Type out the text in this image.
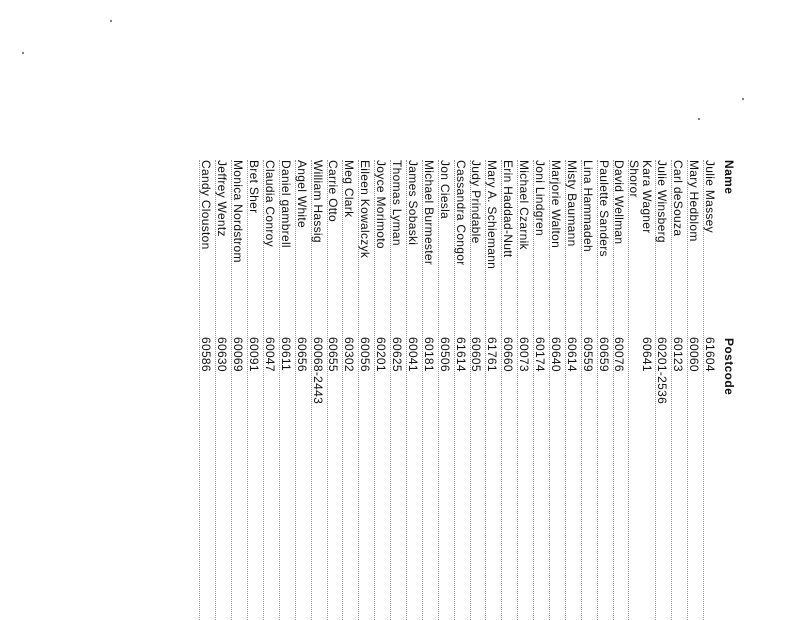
Name
Postcode
Julie Massey
61604
Mary Hedblom
60060
Carl deSouza
60123
Julie Winsberg
60201-2536
Kara Wagner Shoror
60641
David Wellman
60076
Paulette Sanders
60659
Lina Hammadeh
60559
Misty Baumann
60614
Marjorie Walton
60640
Joni Lindgren
60174
Michael Czarnik
60073
Erin Haddad-Nutt
60660
Mary A. Schiemann
61761
Judy Prindable
60605
Cassandra Congor
61614
Jon Ciesla
60506
Michael Burmester
60181
James Sobaski
60041
Thomas Lyman
60625
Joyce Morimoto
60201
Eileen Kowalczyk
60056
Meg Clark
60302
Carrie Otto
60655
William Hassig
60068-2443
Angel White
60656
Daniel gambrell
60611
Claudia Conroy
60047
Bret Sher
60091
Monica Nordstrom
60069
Jeffrey Wentz
60630
Candy Clouston
60586
